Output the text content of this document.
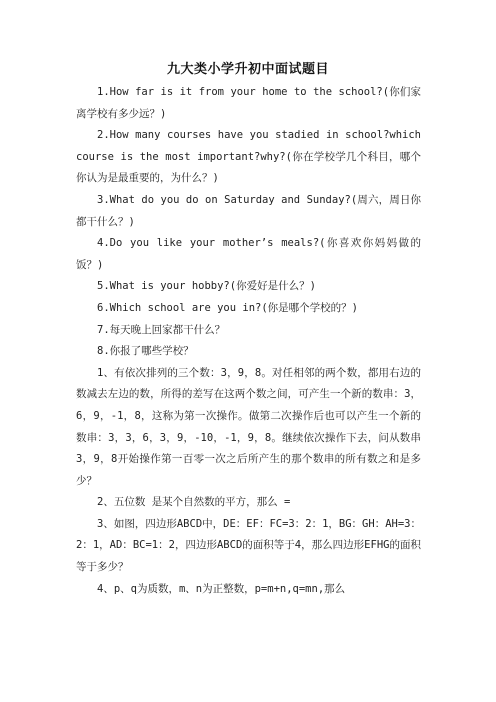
九大类小学升初中面试题目

1.How far is it from your home to the school?(你们家离学校有多少远？)

2.How many courses have you stadied in school?which course is the most important?why?(你在学校学几个科目，哪个你认为是最重要的，为什么？)

3.What do you do on Saturday and Sunday?(周六，周日你都干什么？)

4.Do you like your mother’s meals?(你喜欢你妈妈做的饭？)

5.What is your hobby?(你爱好是什么？)

6.Which school are you in?(你是哪个学校的？)

7.每天晚上回家都干什么？

8.你报了哪些学校？

1、有依次排列的三个数：3，9，8。对任相邻的两个数，都用右边的数减去左边的数，所得的差写在这两个数之间，可产生一个新的数串：3，6，9，-1，8，这称为第一次操作。做第二次操作后也可以产生一个新的数串：3，3，6，3，9，-10，-1，9，8。继续依次操作下去，问从数串3，9，8开始操作第一百零一次之后所产生的那个数串的所有数之和是多少？

2、五位数 是某个自然数的平方，那么 =

3、如图，四边形ABCD中，DE：EF：FC=3：2：1，BG：GH：AH=3：2：1，AD：BC=1：2，四边形ABCD的面积等于4，那么四边形EFHG的面积等于多少？

4、p、q为质数，m、n为正整数，p=m+n,q=mn,那么
